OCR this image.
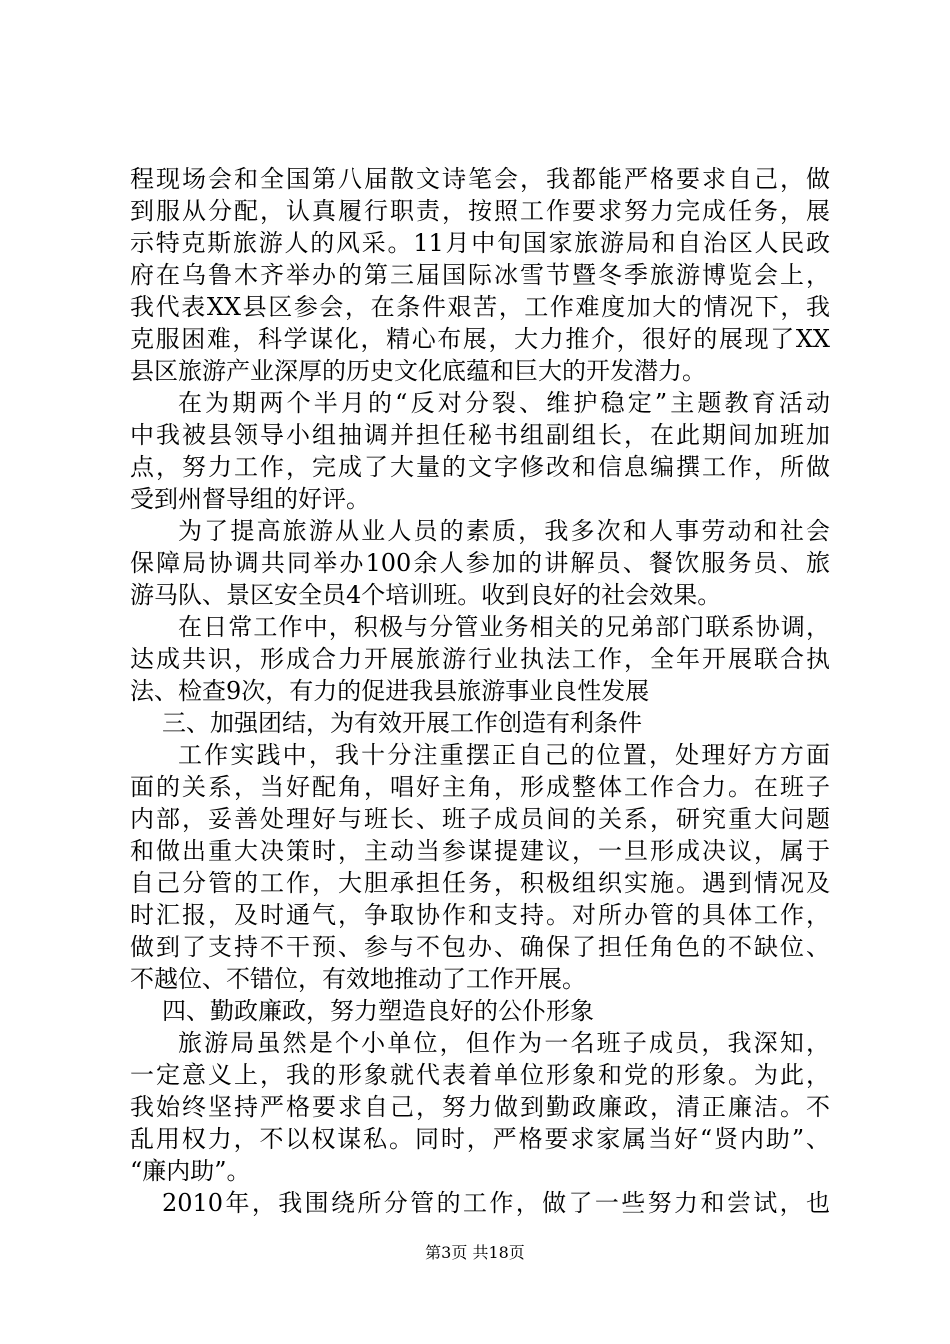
程现场会和全国第八届散文诗笔会，我都能严格要求自己，做
到服从分配，认真履行职责，按照工作要求努力完成任务，展
示特克斯旅游人的风采。11月中旬国家旅游局和自治区人民政
府在乌鲁木齐举办的第三届国际冰雪节暨冬季旅游博览会上，
我代表XX县区参会，在条件艰苦，工作难度加大的情况下，我
克服困难，科学谋化，精心布展，大力推介，很好的展现了XX
县区旅游产业深厚的历史文化底蕴和巨大的开发潜力。
在为期两个半月的“反对分裂、维护稳定”主题教育活动
中我被县领导小组抽调并担任秘书组副组长，在此期间加班加
点，努力工作，完成了大量的文字修改和信息编撰工作，所做
受到州督导组的好评。
为了提高旅游从业人员的素质，我多次和人事劳动和社会
保障局协调共同举办100余人参加的讲解员、餐饮服务员、旅
游马队、景区安全员4个培训班。收到良好的社会效果。
在日常工作中，积极与分管业务相关的兄弟部门联系协调，
达成共识，形成合力开展旅游行业执法工作，全年开展联合执
法、检查9次，有力的促进我县旅游事业良性发展
三、加强团结，为有效开展工作创造有利条件
工作实践中，我十分注重摆正自己的位置，处理好方方面
面的关系，当好配角，唱好主角，形成整体工作合力。在班子
内部，妥善处理好与班长、班子成员间的关系，研究重大问题
和做出重大决策时，主动当参谋提建议，一旦形成决议，属于
自己分管的工作，大胆承担任务，积极组织实施。遇到情况及
时汇报，及时通气，争取协作和支持。对所办管的具体工作，
做到了支持不干预、参与不包办、确保了担任角色的不缺位、
不越位、不错位，有效地推动了工作开展。
四、勤政廉政，努力塑造良好的公仆形象
旅游局虽然是个小单位，但作为一名班子成员，我深知，
一定意义上，我的形象就代表着单位形象和党的形象。为此，
我始终坚持严格要求自己，努力做到勤政廉政，清正廉洁。不
乱用权力，不以权谋私。同时，严格要求家属当好“贤内助”、
“廉内助”。
2010年，我围绕所分管的工作，做了一些努力和尝试，也
第3页 共18页
